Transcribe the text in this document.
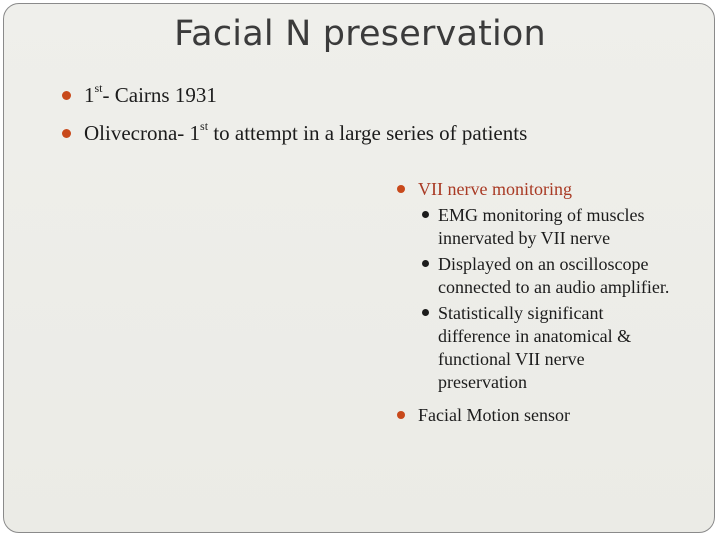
Facial N preservation
1st- Cairns 1931
Olivecrona- 1st to attempt in a large series of patients
VII nerve monitoring
EMG monitoring of muscles innervated by VII nerve
Displayed on an oscilloscope connected to an audio amplifier.
Statistically significant difference in anatomical & functional VII nerve preservation
Facial Motion sensor
